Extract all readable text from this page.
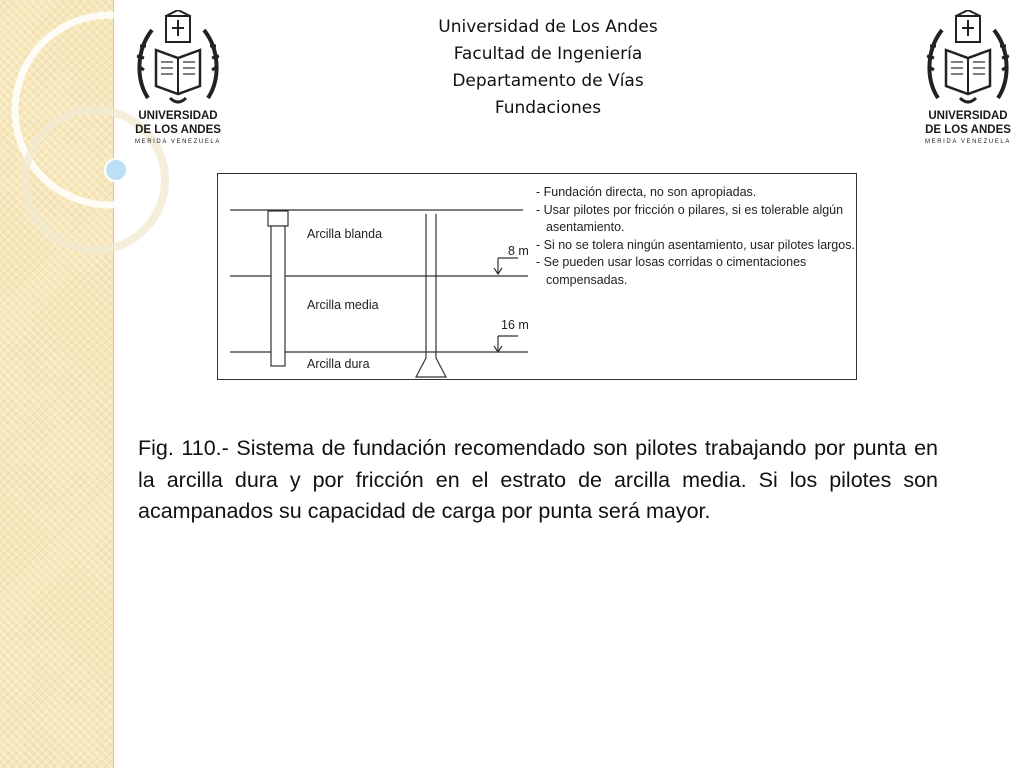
Universidad de Los Andes
Facultad de Ingeniería
Departamento de Vías
Fundaciones
UNIVERSIDAD
DE LOS ANDES
MERIDA VENEZUELA
UNIVERSIDAD
DE LOS ANDES
MERIDA VENEZUELA
Arcilla blanda
Arcilla media
Arcilla dura
8 m
16 m
- Fundación directa, no son apropiadas.
- Usar pilotes por fricción o pilares, si es tolerable algún asentamiento.
- Si no se tolera ningún asentamiento, usar pilotes largos.
- Se pueden usar losas corridas o cimentaciones compensadas.

Fig. 110.- Sistema de fundación recomendado son pilotes trabajando por punta en la arcilla dura y por fricción en el estrato de arcilla media. Si los pilotes son acampanados su capacidad de carga por punta será mayor.
